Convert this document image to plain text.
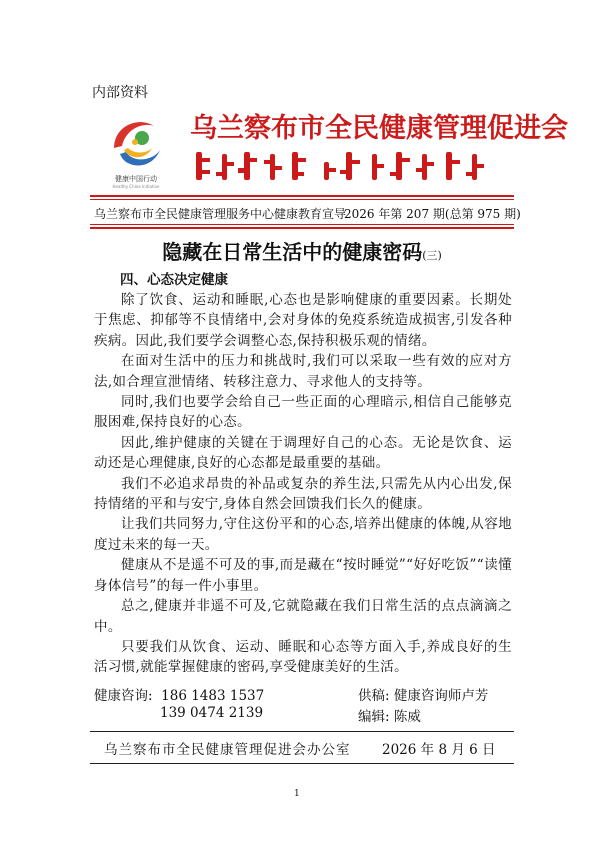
内部资料
健康中国行动
Healthy China Initiative
乌兰察布市全民健康管理促进会
乌兰察布市全民健康管理服务中心健康教育宣导
2026 年第 207 期(总第 975 期)
隐藏在日常生活中的健康密码(三)
四、心态决定健康

除了饮食、运动和睡眠,心态也是影响健康的重要因素。长期处于焦虑、抑郁等不良情绪中,会对身体的免疫系统造成损害,引发各种疾病。因此,我们要学会调整心态,保持积极乐观的情绪。

在面对生活中的压力和挑战时,我们可以采取一些有效的应对方法,如合理宣泄情绪、转移注意力、寻求他人的支持等。

同时,我们也要学会给自己一些正面的心理暗示,相信自己能够克服困难,保持良好的心态。

因此,维护健康的关键在于调理好自己的心态。无论是饮食、运动还是心理健康,良好的心态都是最重要的基础。

我们不必追求昂贵的补品或复杂的养生法,只需先从内心出发,保持情绪的平和与安宁,身体自然会回馈我们长久的健康。

让我们共同努力,守住这份平和的心态,培养出健康的体魄,从容地度过未来的每一天。

健康从不是遥不可及的事,而是藏在“按时睡觉”“好好吃饭”“读懂身体信号”的每一件小事里。

总之,健康并非遥不可及,它就隐藏在我们日常生活的点点滴滴之中。

只要我们从饮食、运动、睡眠和心态等方面入手,养成良好的生活习惯,就能掌握健康的密码,享受健康美好的生活。

健康咨询: 186 1483 1537
139 0474 2139
供稿: 健康咨询师卢芳
编辑: 陈威
乌兰察布市全民健康管理促进会办公室 2026 年 8 月 6 日
1
